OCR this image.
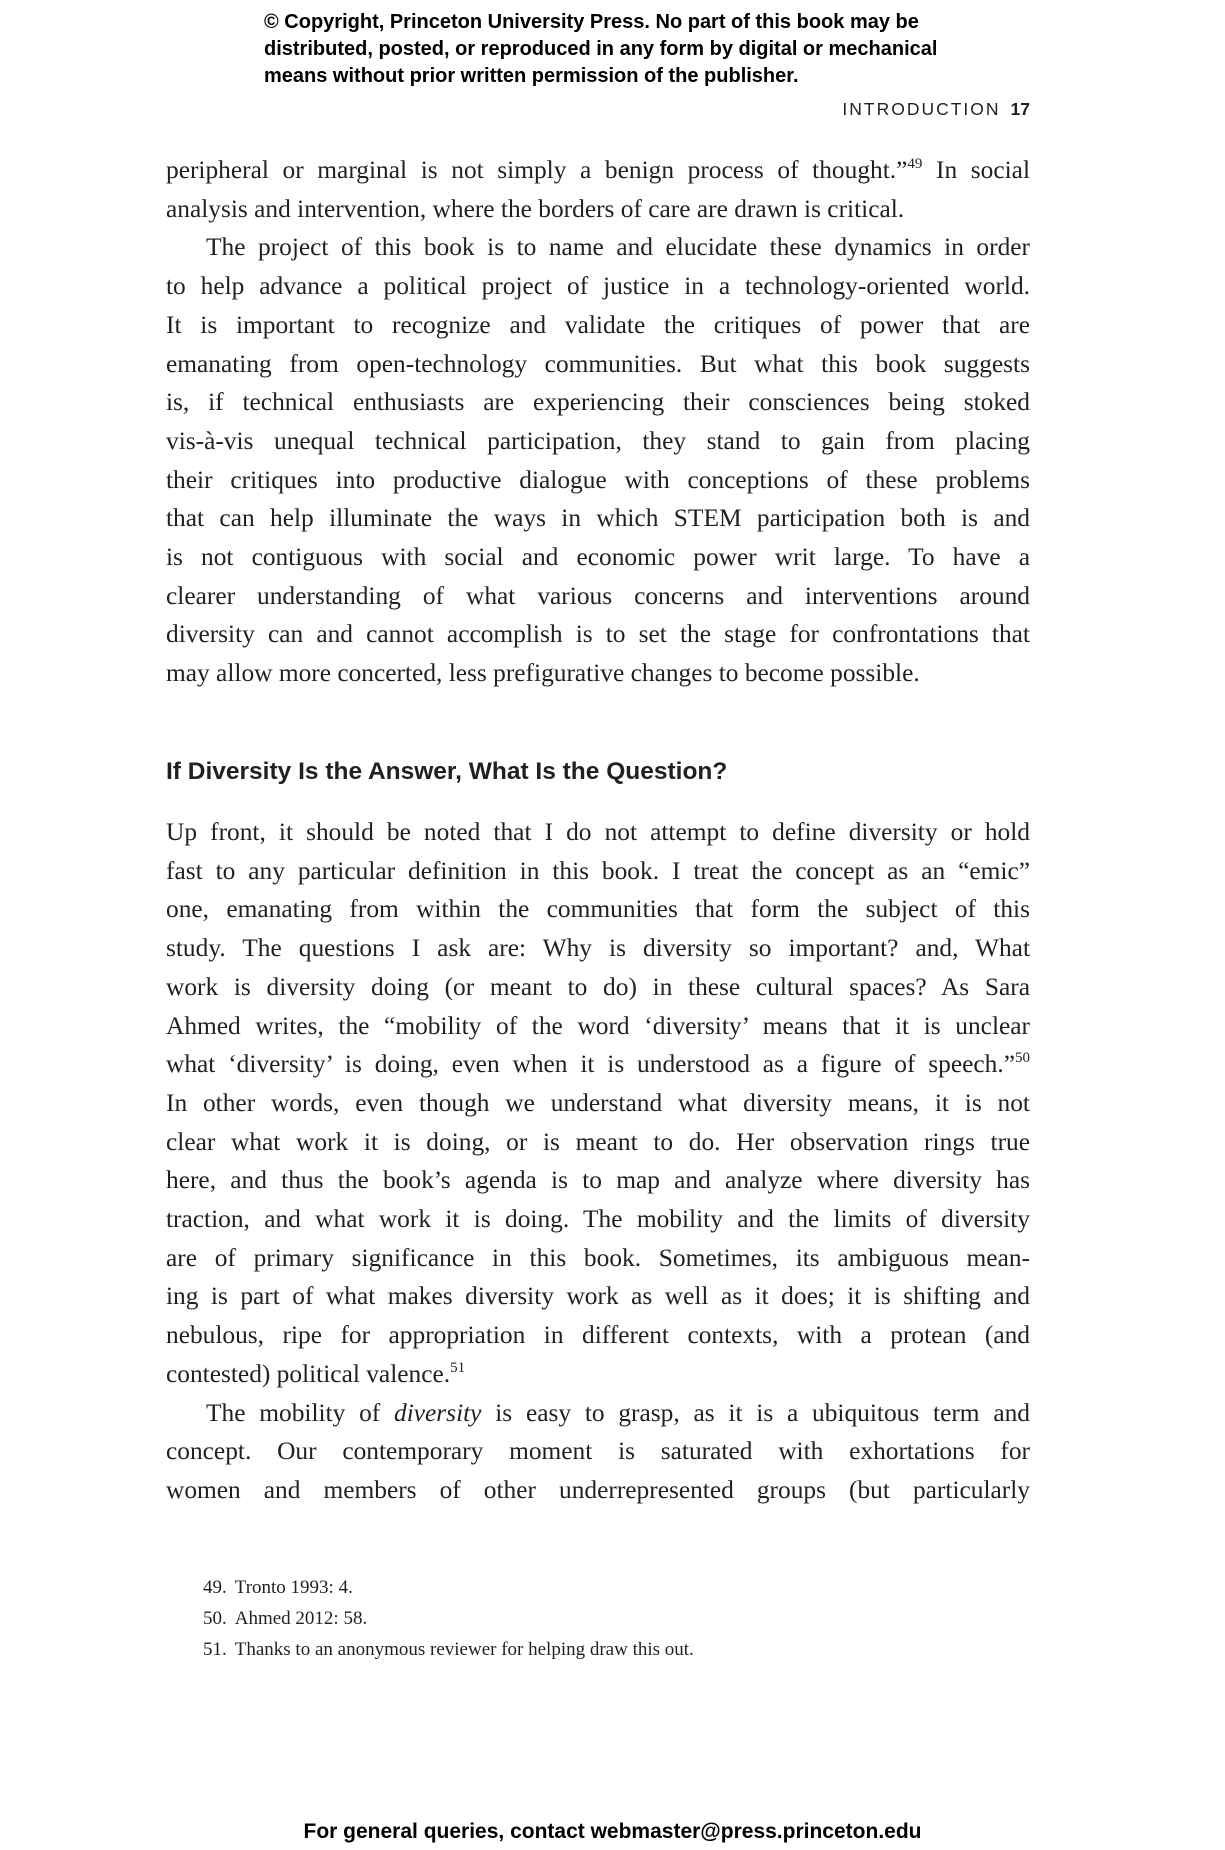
© Copyright, Princeton University Press. No part of this book may be
distributed, posted, or reproduced in any form by digital or mechanical
means without prior written permission of the publisher.
INTRODUCTION 17
peripheral or marginal is not simply a benign process of thought.”$^{49}$ In social
analysis and intervention, where the borders of care are drawn is critical.
The project of this book is to name and elucidate these dynamics in order
to help advance a political project of justice in a technology-oriented world.
It is important to recognize and validate the critiques of power that are
emanating from open-technology communities. But what this book suggests
is, if technical enthusiasts are experiencing their consciences being stoked
vis-à-vis unequal technical participation, they stand to gain from placing
their critiques into productive dialogue with conceptions of these problems
that can help illuminate the ways in which STEM participation both is and
is not contiguous with social and economic power writ large. To have a
clearer understanding of what various concerns and interventions around
diversity can and cannot accomplish is to set the stage for confrontations that
may allow more concerted, less prefigurative changes to become possible.
If Diversity Is the Answer, What Is the Question?
Up front, it should be noted that I do not attempt to define diversity or hold
fast to any particular definition in this book. I treat the concept as an “emic”
one, emanating from within the communities that form the subject of this
study. The questions I ask are: Why is diversity so important? and, What
work is diversity doing (or meant to do) in these cultural spaces? As Sara
Ahmed writes, the “mobility of the word ‘diversity’ means that it is unclear
what ‘diversity’ is doing, even when it is understood as a figure of speech.”$^{50}$
In other words, even though we understand what diversity means, it is not
clear what work it is doing, or is meant to do. Her observation rings true
here, and thus the book’s agenda is to map and analyze where diversity has
traction, and what work it is doing. The mobility and the limits of diversity
are of primary significance in this book. Sometimes, its ambiguous mean-
ing is part of what makes diversity work as well as it does; it is shifting and
nebulous, ripe for appropriation in different contexts, with a protean (and
contested) political valence.$^{51}$
The mobility of diversity is easy to grasp, as it is a ubiquitous term and
concept. Our contemporary moment is saturated with exhortations for
women and members of other underrepresented groups (but particularly
49. Tronto 1993: 4.
50. Ahmed 2012: 58.
51. Thanks to an anonymous reviewer for helping draw this out.
For general queries, contact webmaster@press.princeton.edu
